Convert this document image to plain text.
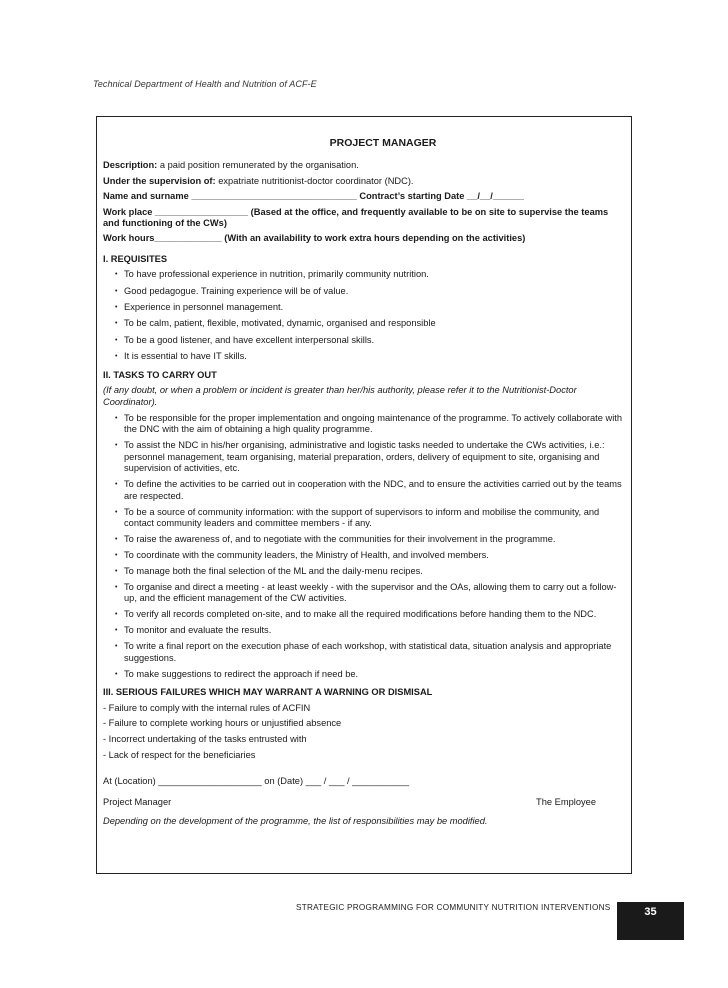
Technical Department of Health and Nutrition of ACF-E
PROJECT MANAGER
Description: a paid position remunerated by the organisation.
Under the supervision of: expatriate nutritionist-doctor coordinator (NDC).
Name and surname ________________________________ Contract’s starting Date __/__/______
Work place __________________ (Based at the office, and frequently available to be on site to supervise the teams and functioning of the CWs)
Work hours_____________ (With an availability to work extra hours depending on the activities)
I. REQUISITES
• To have professional experience in nutrition, primarily community nutrition.
• Good pedagogue. Training experience will be of value.
• Experience in personnel management.
• To be calm, patient, flexible, motivated, dynamic, organised and responsible
• To be a good listener, and have excellent interpersonal skills.
• It is essential to have IT skills.
II. TASKS TO CARRY OUT
(If any doubt, or when a problem or incident is greater than her/his authority, please refer it to the Nutritionist-Doctor Coordinator).
• To be responsible for the proper implementation and ongoing maintenance of the programme. To actively collaborate with the DNC with the aim of obtaining a high quality programme.
• To assist the NDC in his/her organising, administrative and logistic tasks needed to undertake the CWs activities, i.e.: personnel management, team organising, material preparation, orders, delivery of equipment to site, organising and supervision of activities, etc.
• To define the activities to be carried out in cooperation with the NDC, and to ensure the activities carried out by the teams are respected.
• To be a source of community information: with the support of supervisors to inform and mobilise the community, and contact community leaders and committee members - if any.
• To raise the awareness of, and to negotiate with the communities for their involvement in the programme.
• To coordinate with the community leaders, the Ministry of Health, and involved members.
• To manage both the final selection of the ML and the daily-menu recipes.
• To organise and direct a meeting - at least weekly - with the supervisor and the OAs, allowing them to carry out a follow-up, and the efficient management of the CW activities.
• To verify all records completed on-site, and to make all the required modifications before handing them to the NDC.
• To monitor and evaluate the results.
• To write a final report on the execution phase of each workshop, with statistical data, situation analysis and appropriate suggestions.
• To make suggestions to redirect the approach if need be.
III. SERIOUS FAILURES WHICH MAY WARRANT A WARNING OR DISMISAL
- Failure to comply with the internal rules of ACFIN
- Failure to complete working hours or unjustified absence
- Incorrect undertaking of the tasks entrusted with
- Lack of respect for the beneficiaries
At (Location) ____________________ on (Date) ___ / ___ / ___________
Project Manager	The Employee
Depending on the development of the programme, the list of responsibilities may be modified.
STRATEGIC PROGRAMMING FOR COMMUNITY NUTRITION INTERVENTIONS	35
